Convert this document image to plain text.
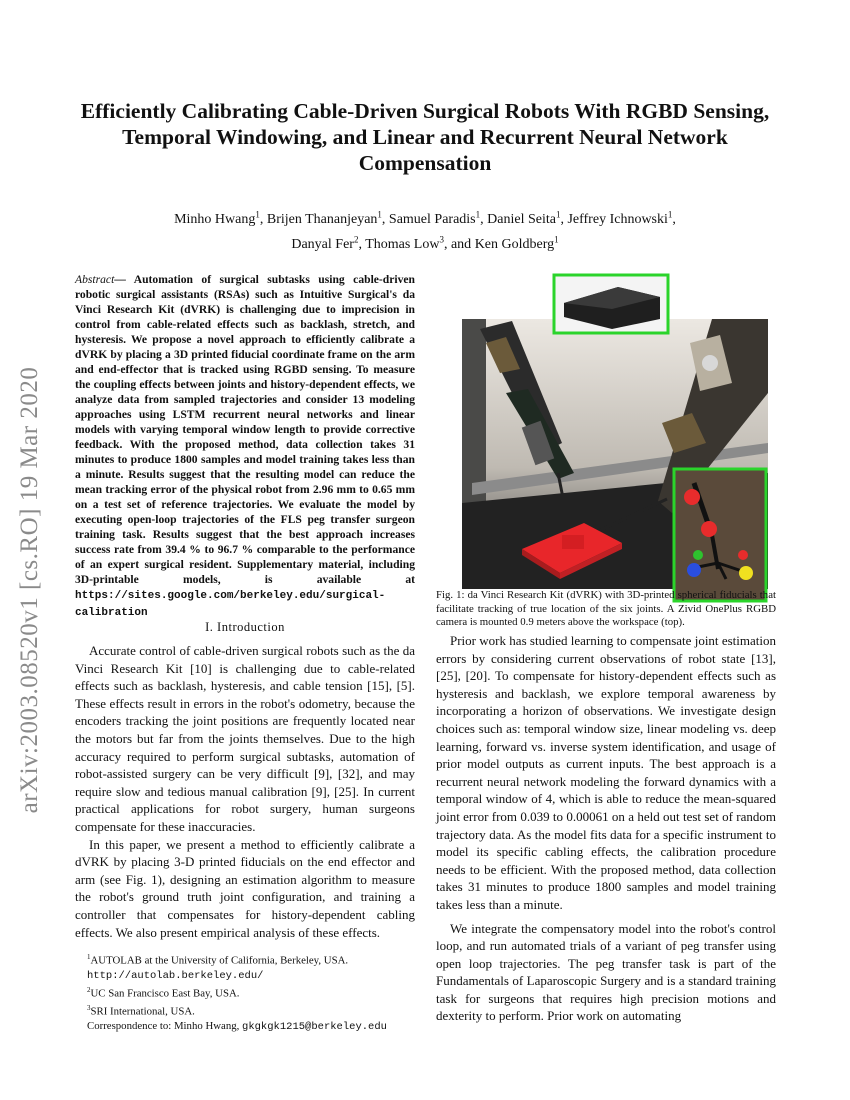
arXiv:2003.08520v1 [cs.RO] 19 Mar 2020
Efficiently Calibrating Cable-Driven Surgical Robots With RGBD Sensing, Temporal Windowing, and Linear and Recurrent Neural Network Compensation
Minho Hwang$^1$, Brijen Thananjeyan$^1$, Samuel Paradis$^1$, Daniel Seita$^1$, Jeffrey Ichnowski$^1$,
Danyal Fer$^2$, Thomas Low$^3$, and Ken Goldberg$^1$
Abstract— Automation of surgical subtasks using cable-driven robotic surgical assistants (RSAs) such as Intuitive Surgical's da Vinci Research Kit (dVRK) is challenging due to imprecision in control from cable-related effects such as backlash, stretch, and hysteresis. We propose a novel approach to efficiently calibrate a dVRK by placing a 3D printed fiducial coordinate frame on the arm and end-effector that is tracked using RGBD sensing. To measure the coupling effects between joints and history-dependent effects, we analyze data from sampled trajectories and consider 13 modeling approaches using LSTM recurrent neural networks and linear models with varying temporal window length to provide corrective feedback. With the proposed method, data collection takes 31 minutes to produce 1800 samples and model training takes less than a minute. Results suggest that the resulting model can reduce the mean tracking error of the physical robot from 2.96 mm to 0.65 mm on a test set of reference trajectories. We evaluate the model by executing open-loop trajectories of the FLS peg transfer surgeon training task. Results suggest that the best approach increases success rate from 39.4 % to 96.7 % comparable to the performance of an expert surgical resident. Supplementary material, including 3D-printable models, is available at https://sites.google.com/berkeley.edu/surgical-calibration
I. Introduction

Accurate control of cable-driven surgical robots such as the da Vinci Research Kit [10] is challenging due to cable-related effects such as backlash, hysteresis, and cable tension [15], [5]. These effects result in errors in the robot's odometry, because the encoders tracking the joint positions are frequently located near the motors but far from the joints themselves. Due to the high accuracy required to perform surgical subtasks, automation of robot-assisted surgery can be very difficult [9], [32], and may require slow and tedious manual calibration [9], [25]. In current practical applications for robot surgery, human surgeons compensate for these inaccuracies.

In this paper, we present a method to efficiently calibrate a dVRK by placing 3-D printed fiducials on the end effector and arm (see Fig. 1), designing an estimation algorithm to measure the robot's ground truth joint configuration, and training a controller that compensates for history-dependent cabling effects. We also present empirical analysis of these effects.

$^1$AUTOLAB at the University of California, Berkeley, USA.
http://autolab.berkeley.edu/

$^2$UC San Francisco East Bay, USA.

$^3$SRI International, USA.

Correspondence to: Minho Hwang, gkgkgk1215@berkeley.edu

Fig. 1: da Vinci Research Kit (dVRK) with 3D-printed spherical fiducials that facilitate tracking of true location of the six joints. A Zivid OnePlus RGBD camera is mounted 0.9 meters above the workspace (top).

Prior work has studied learning to compensate joint estimation errors by considering current observations of robot state [13], [25], [20]. To compensate for history-dependent effects such as hysteresis and backlash, we explore temporal awareness by incorporating a horizon of observations. We investigate design choices such as: temporal window size, linear modeling vs. deep learning, forward vs. inverse system identification, and usage of prior model outputs as current inputs. The best approach is a recurrent neural network modeling the forward dynamics with a temporal window of 4, which is able to reduce the mean-squared joint error from 0.039 to 0.00061 on a held out test set of random trajectory data. As the model fits data for a specific instrument to model its specific cabling effects, the calibration procedure needs to be efficient. With the proposed method, data collection takes 31 minutes to produce 1800 samples and model training takes less than a minute.

We integrate the compensatory model into the robot's control loop, and run automated trials of a variant of peg transfer using open loop trajectories. The peg transfer task is part of the Fundamentals of Laparoscopic Surgery and is a standard training task for surgeons that requires high precision motions and dexterity to perform. Prior work on automating
